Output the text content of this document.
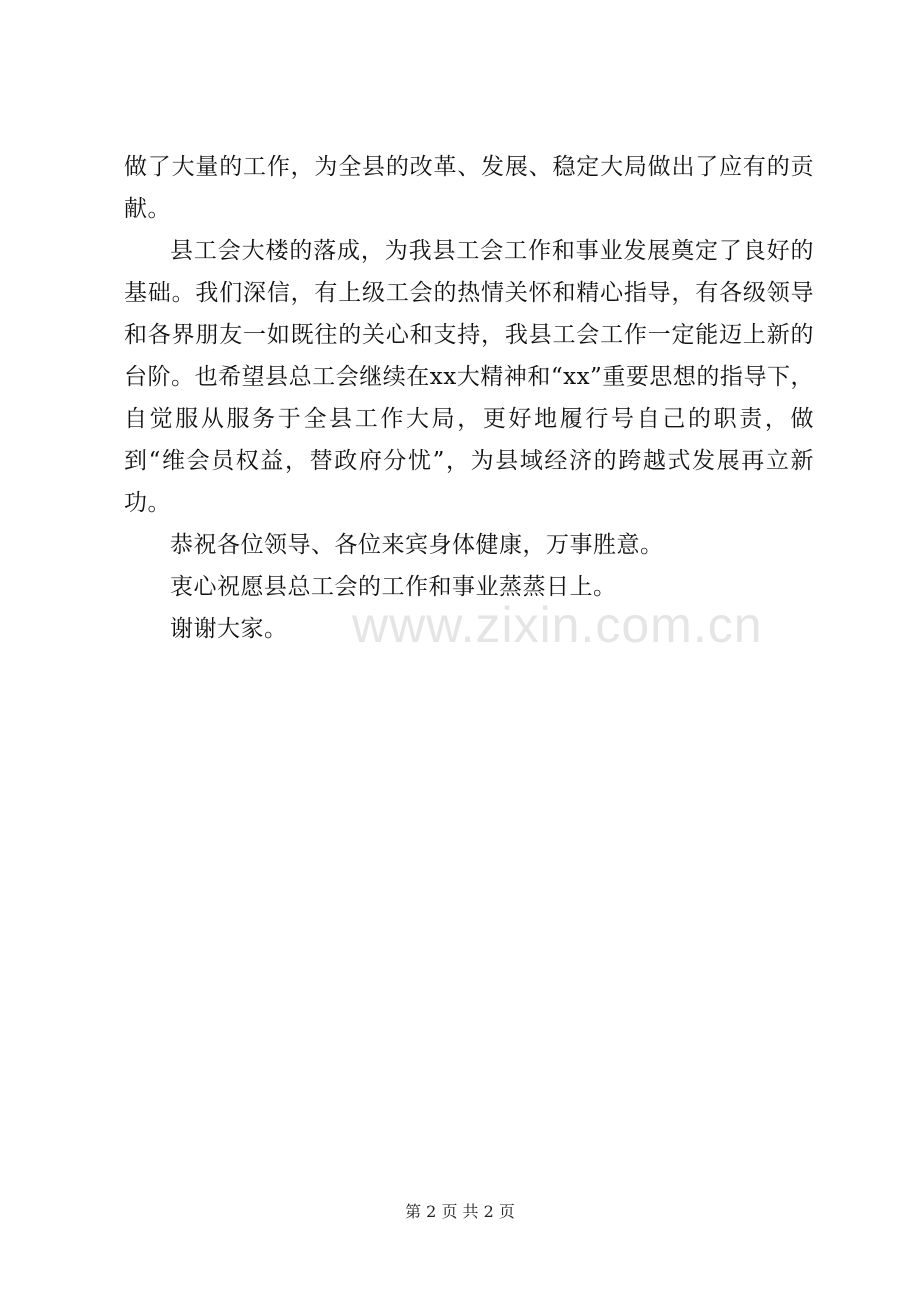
做了大量的工作，为全县的改革、发展、稳定大局做出了应有的贡献。

县工会大楼的落成，为我县工会工作和事业发展奠定了良好的基础。我们深信，有上级工会的热情关怀和精心指导，有各级领导和各界朋友一如既往的关心和支持，我县工会工作一定能迈上新的台阶。也希望县总工会继续在xx大精神和“xx”重要思想的指导下，自觉服从服务于全县工作大局，更好地履行号自己的职责，做到“维会员权益，替政府分忧”，为县域经济的跨越式发展再立新功。

恭祝各位领导、各位来宾身体健康，万事胜意。

衷心祝愿县总工会的工作和事业蒸蒸日上。

谢谢大家。	www.zixin.com.cn
第 2 页 共 2 页
